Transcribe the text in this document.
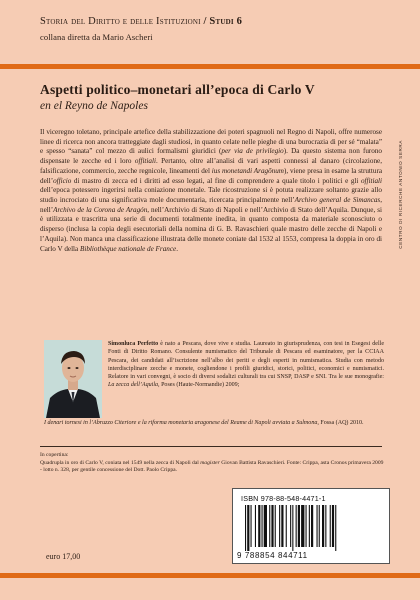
Storia del Diritto e delle Istituzioni / Studi 6
collana diretta da Mario Ascheri
Aspetti politico–monetari all’epoca di Carlo V
en el Reyno de Napoles
CENTRO DI RICERCHE ANTONIO SERRA
Il viceregno toletano, principale artefice della stabilizzazione dei poteri spagnuoli nel Regno di Napoli, offre numerose linee di ricerca non ancora tratteggiate dagli studiosi, in quanto celate nelle pieghe di una burocrazia di per sé “malata” e spesso “sanata” col mezzo di aulici formalismi giuridici (per via de privilegio). Da questo sistema non furono dispensate le zecche ed i loro offitiali. Pertanto, oltre all’analisi di vari aspetti connessi al danaro (circolazione, falsificazione, commercio, zecche regnicole, lineamenti del ius monetandi Aragōnum), viene presa in esame la struttura dell’officio di mastro di zecca ed i diritti ad esso legati, al fine di comprendere a quale titolo i politici e gli offitiali dell’epoca potessero ingerirsi nella coniazione monetale. Tale ricostruzione si è potuta realizzare soltanto grazie allo studio incrociato di una significativa mole documentaria, ricercata principalmente nell’Archivo general de Simancas, nell’Archivo de la Corona de Aragón, nell’Archivio di Stato di Napoli e nell’Archivio di Stato dell’Aquila. Dunque, si è utilizzata e trascritta una serie di documenti totalmente inedita, in quanto composta da materiale sconosciuto o disperso (inclusa la copia degli esecutoriali della nomina di G. B. Ravaschieri quale mastro delle zecche di Napoli e l’Aquila). Non manca una classificazione illustrata delle monete coniate dal 1532 al 1553, compresa la doppia in oro di Carlo V della Bibliothèque nationale de France.
Simonluca Perfetto è nato a Pescara, dove vive e studia. Laureato in giurisprudenza, con tesi in Esegesi delle Fonti di Diritto Romano. Consulente numismatico del Tribunale di Pescara ed esaminatore, per la CCIAA Pescara, dei candidati all’iscrizione nell’albo dei periti e degli esperti in numismatica. Studia con metodo interdisciplinare zecche e monete, cogliendone i profili giuridici, storici, politici, economici e numismatici. Relatore in vari convegni, è socio di diversi sodalizi culturali tra cui SNSP, DASP e SNI. Tra le sue monografie: La zecca dell’Aquila, Poses (Haute-Normandie) 2009;
I denari tornesi in l’Abruzzo Citeriore e la riforma monetaria aragonese del Reame di Napoli avviata a Sulmona, Fossa (AQ) 2010.
In copertina:
Quadrupla in oro di Carlo V, coniata nel 1549 nella zecca di Napoli dal magister Giovan Battista Ravaschieri. Fonte: Crippa, asta Cronos primavera 2009 - lotto n. 328, per gentile concessione del Dott. Paolo Crippa.
ISBN 978-88-548-4471-1
9 788854 844711
euro 17,00
